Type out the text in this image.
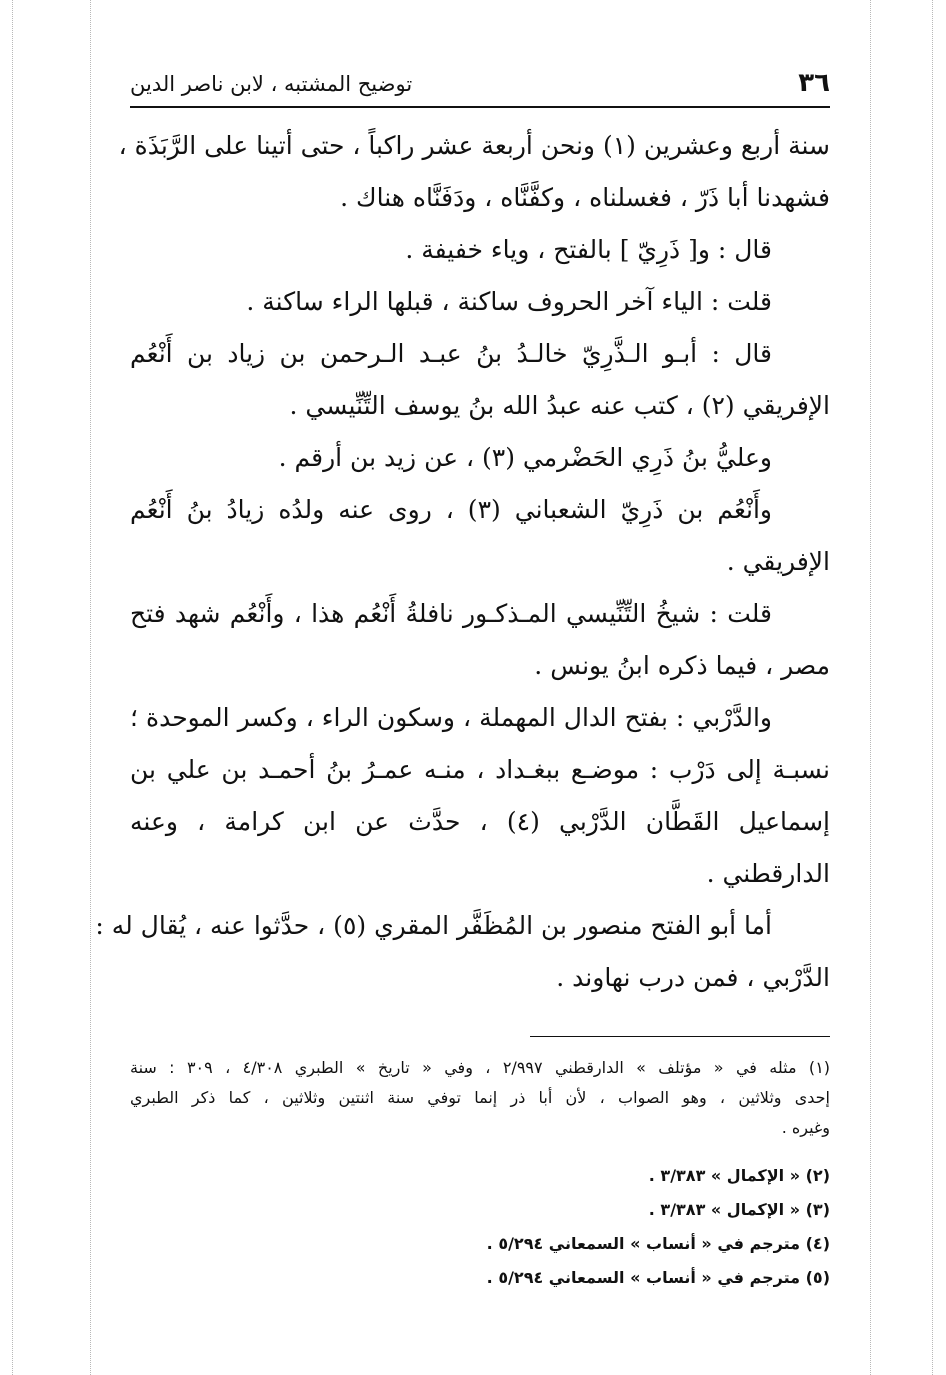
٣٦
توضيح المشتبه ، لابن ناصر الدين
سنة أربع وعشرين (١) ونحن أربعة عشر راكباً ، حتى أتينا على الرَّبَذَة ،
فشهدنا أبا ذَرّ ، فغسلناه ، وكفَّنَّاه ، ودَفَنَّاه هناك .
قال : و[ ذَرِيّ ] بالفتح ، وياء خفيفة .
قلت : الياء آخر الحروف ساكنة ، قبلها الراء ساكنة .
قال : أبـو الـذَّرِيّ خالـدُ بنُ عبـد الـرحمن بن زياد بن أَنْعُم
الإفريقي (٢) ، كتب عنه عبدُ الله بنُ يوسف التِّنِّيسي .
وعليُّ بنُ ذَرِي الحَضْرمي (٣) ، عن زيد بن أرقم .
وأَنْعُم بن ذَرِيّ الشعباني (٣) ، روى عنه ولدُه زيادُ بنُ أَنْعُم
الإفريقي .
قلت : شيخُ التِّنِّيسي المـذكـور نافلةُ أَنْعُم هذا ، وأَنْعُم شهد فتح
مصر ، فيما ذكره ابنُ يونس .
والدَّرْبي : بفتح الدال المهملة ، وسكون الراء ، وكسر الموحدة ؛
نسبـة إلى دَرْب : موضـع ببغـداد ، منـه عمـرُ بنُ أحمـد بن علي بن
إسماعيل القَطَّان الدَّرْبي (٤) ، حدَّث عن ابن كرامة ، وعنه
الدارقطني .
أما أبو الفتح منصور بن المُظَفَّر المقري (٥) ، حدَّثوا عنه ، يُقال له :
الدَّرْبي ، فمن درب نهاوند .
(١) مثله في « مؤتلف » الدارقطني ٢/٩٩٧ ، وفي « تاريخ » الطبري ٤/٣٠٨ ، ٣٠٩ : سنة
إحدى وثلاثين ، وهو الصواب ، لأن أبا ذر إنما توفي سنة اثنتين وثلاثين ، كما ذكر الطبري
وغيره .
(٢) « الإكمال » ٣/٣٨٣ .
(٣) « الإكمال » ٣/٣٨٣ .
(٤) مترجم في « أنساب » السمعاني ٥/٢٩٤ .
(٥) مترجم في « أنساب » السمعاني ٥/٢٩٤ .
